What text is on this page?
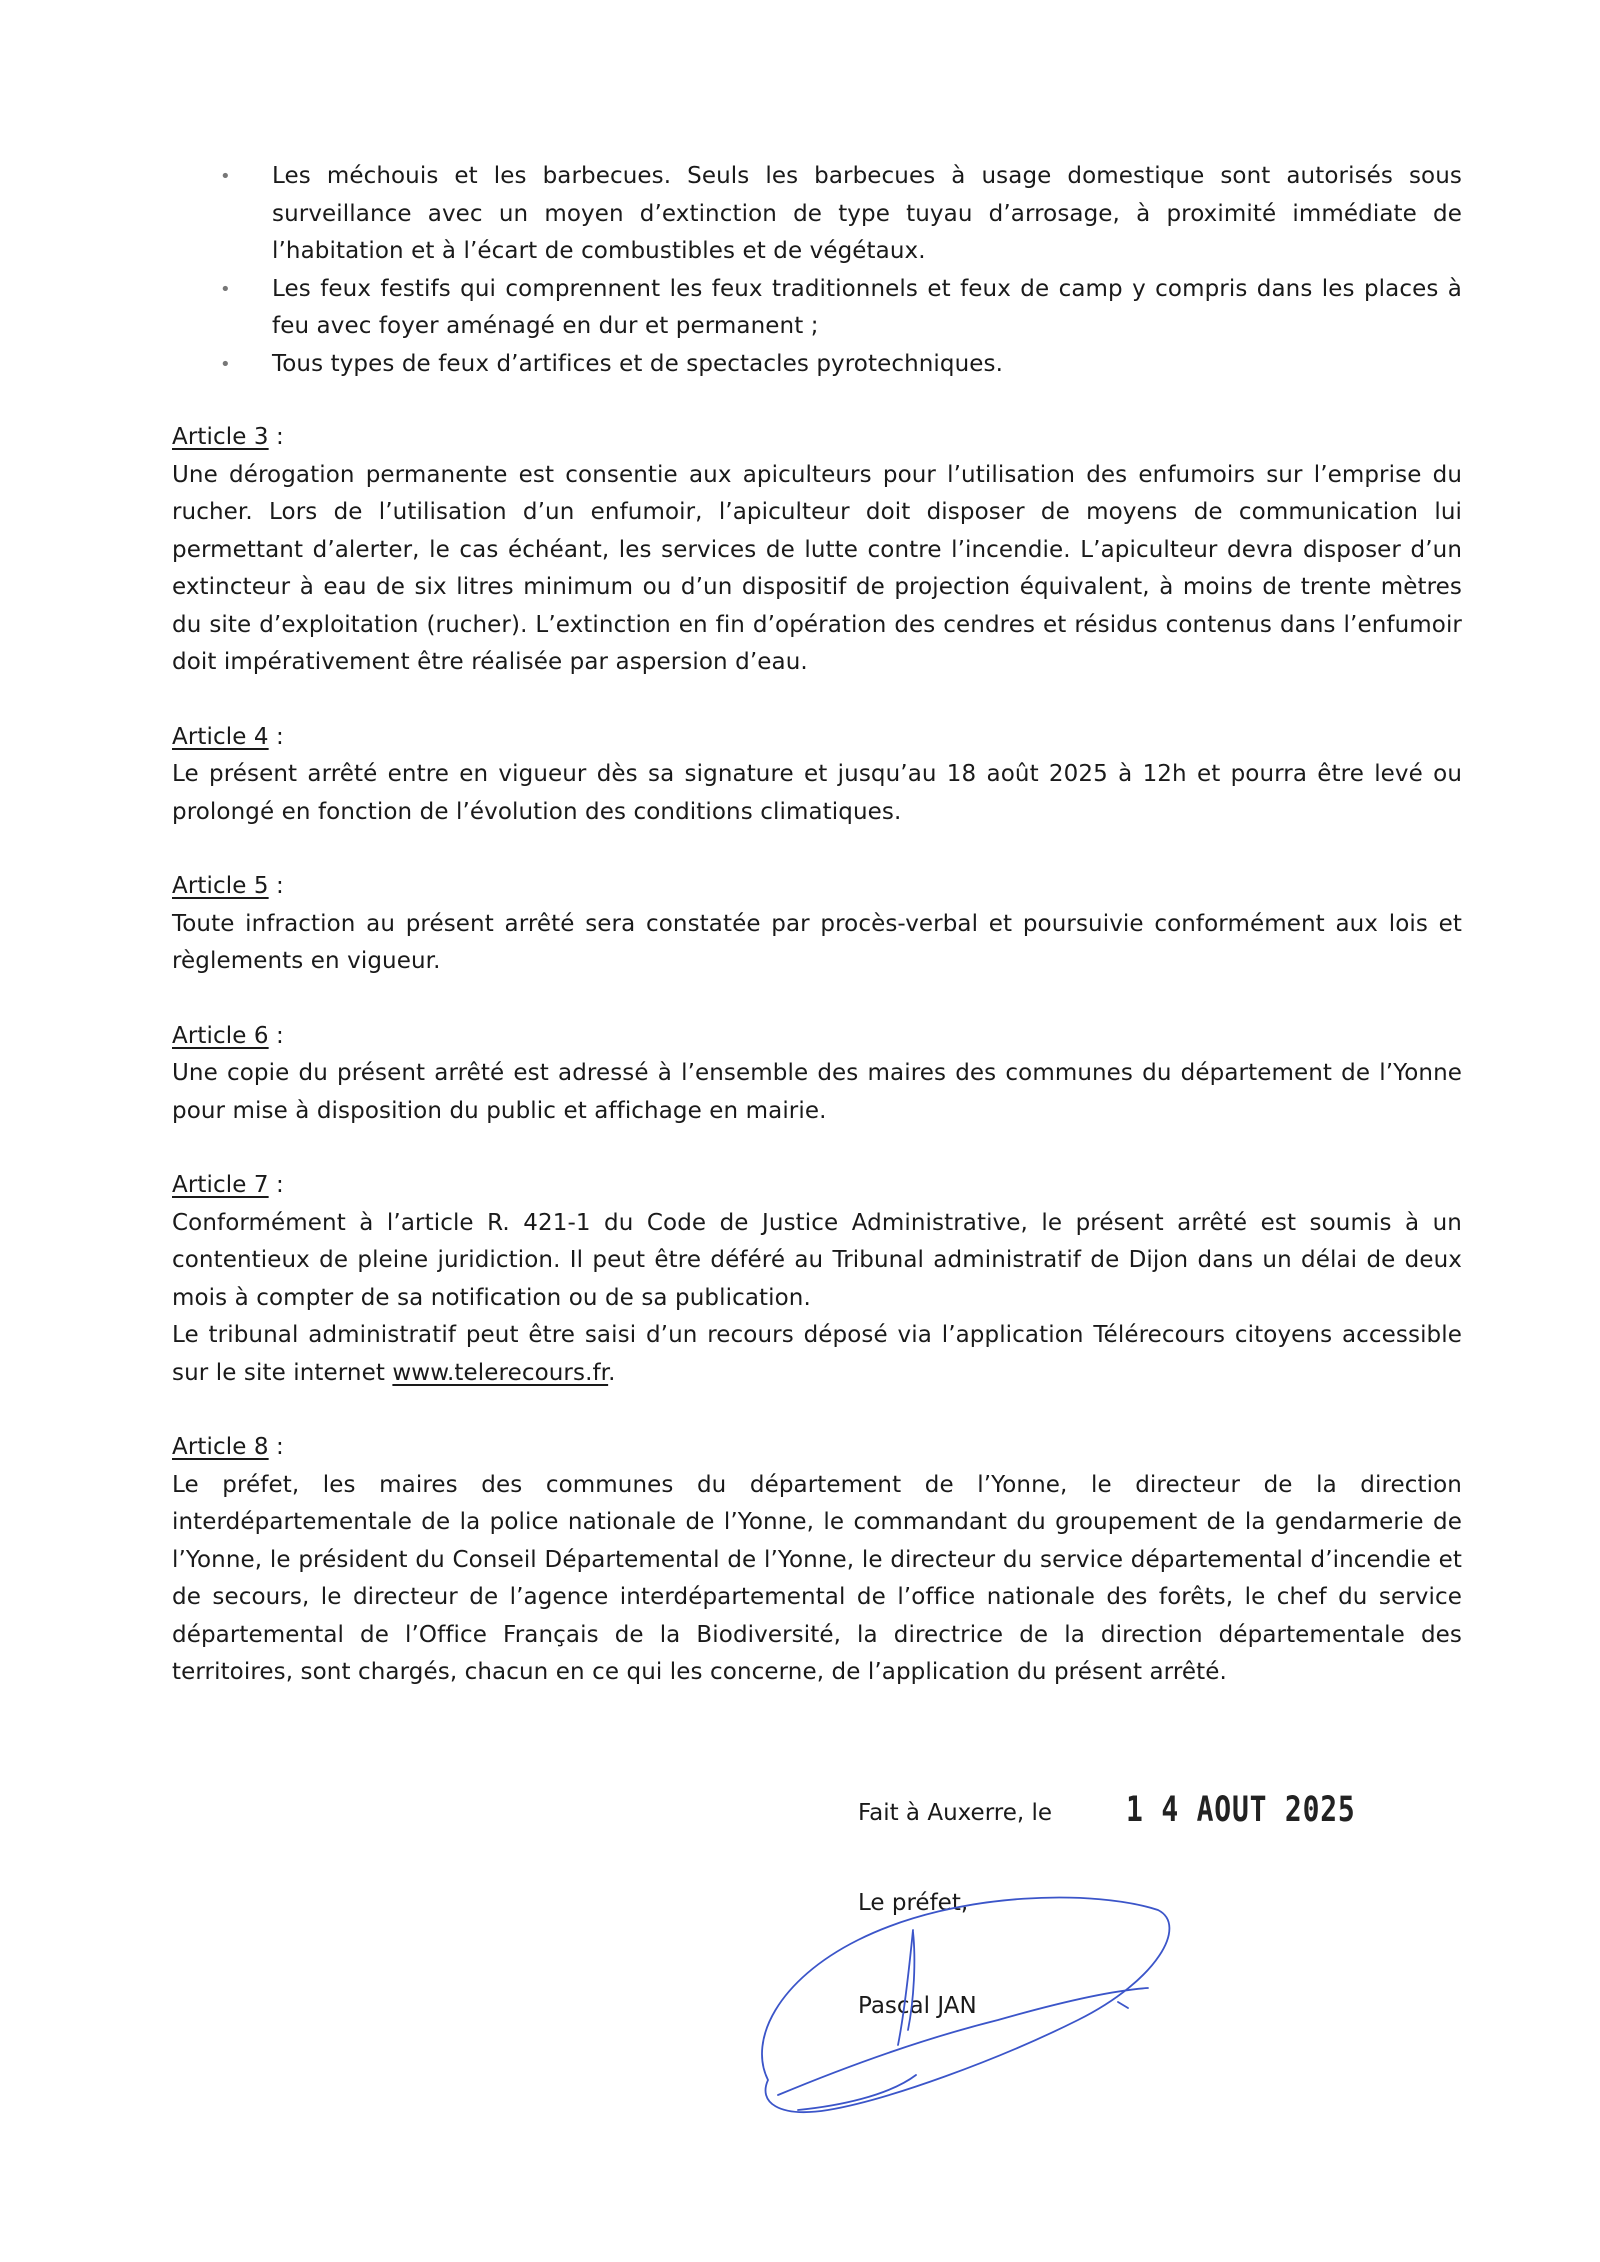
• Les méchouis et les barbecues. Seuls les barbecues à usage domestique sont autorisés sous surveillance avec un moyen d’extinction de type tuyau d’arrosage, à proximité immédiate de l’habitation et à l’écart de combustibles et de végétaux.
• Les feux festifs qui comprennent les feux traditionnels et feux de camp y compris dans les places à feu avec foyer aménagé en dur et permanent ;
• Tous types de feux d’artifices et de spectacles pyrotechniques.

Article 3 :

Une dérogation permanente est consentie aux apiculteurs pour l’utilisation des enfumoirs sur l’emprise du rucher. Lors de l’utilisation d’un enfumoir, l’apiculteur doit disposer de moyens de communication lui permettant d’alerter, le cas échéant, les services de lutte contre l’incendie. L’apiculteur devra disposer d’un extincteur à eau de six litres minimum ou d’un dispositif de projection équivalent, à moins de trente mètres du site d’exploitation (rucher). L’extinction en fin d’opération des cendres et résidus contenus dans l’enfumoir doit impérativement être réalisée par aspersion d’eau.

Article 4 :

Le présent arrêté entre en vigueur dès sa signature et jusqu’au 18 août 2025 à 12h et pourra être levé ou prolongé en fonction de l’évolution des conditions climatiques.

Article 5 :

Toute infraction au présent arrêté sera constatée par procès-verbal et poursuivie conformément aux lois et règlements en vigueur.

Article 6 :

Une copie du présent arrêté est adressé à l’ensemble des maires des communes du département de l’Yonne pour mise à disposition du public et affichage en mairie.

Article 7 :

Conformément à l’article R. 421-1 du Code de Justice Administrative, le présent arrêté est soumis à un contentieux de pleine juridiction. Il peut être déféré au Tribunal administratif de Dijon dans un délai de deux mois à compter de sa notification ou de sa publication.

Le tribunal administratif peut être saisi d’un recours déposé via l’application Télérecours citoyens accessible sur le site internet www.telerecours.fr.

Article 8 :

Le préfet, les maires des communes du département de l’Yonne, le directeur de la direction interdépartementale de la police nationale de l’Yonne, le commandant du groupement de la gendarmerie de l’Yonne, le président du Conseil Départemental de l’Yonne, le directeur du service départemental d’incendie et de secours, le directeur de l’agence interdépartemental de l’office nationale des forêts, le chef du service départemental de l’Office Français de la Biodiversité, la directrice de la direction départementale des territoires, sont chargés, chacun en ce qui les concerne, de l’application du présent arrêté.

Fait à Auxerre, le 1 4 AOUT 2025
Le préfet,
Pascal JAN
